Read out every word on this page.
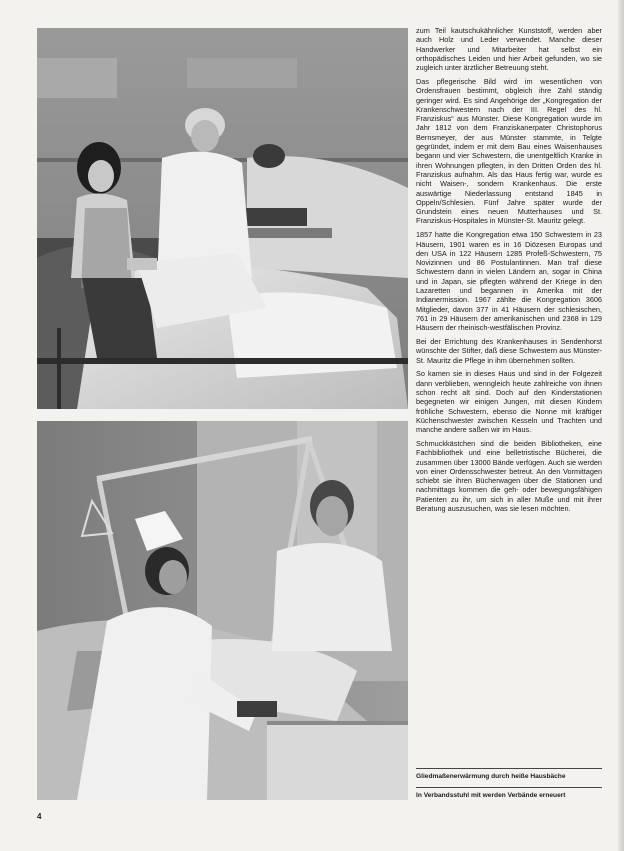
zum Teil kautschukähnlicher Kunststoff, werden aber auch Holz und Leder verwendet. Manche dieser Handwerker und Mitarbeiter hat selbst ein orthopädisches Leiden und hier Arbeit gefunden, wo sie zugleich unter ärztlicher Betreuung steht.

Das pflegerische Bild wird im wesentlichen von Ordensfrauen bestimmt, obgleich ihre Zahl ständig geringer wird. Es sind Angehörige der „Kongregation der Krankenschwestern nach der III. Regel des hl. Franziskus“ aus Münster. Diese Kongregation wurde im Jahr 1812 von dem Franziskanerpater Christophorus Bernsmeyer, der aus Münster stammte, in Telgte gegründet, indem er mit dem Bau eines Waisenhauses begann und vier Schwestern, die unentgeltlich Kranke in ihren Wohnungen pflegten, in den Dritten Orden des hl. Franziskus aufnahm. Als das Haus fertig war, wurde es nicht Waisen-, sondern Krankenhaus. Die erste auswärtige Niederlassung entstand 1845 in Oppeln/Schlesien. Fünf Jahre später wurde der Grundstein eines neuen Mutterhauses und St. Franziskus-Hospitales in Münster-St. Mauritz gelegt.

1857 hatte die Kongregation etwa 150 Schwestern in 23 Häusern, 1901 waren es in 16 Diözesen Europas und den USA in 122 Häusern 1285 Profeß-Schwestern, 75 Novizinnen und 86 Postulantinnen. Man traf diese Schwestern dann in vielen Ländern an, sogar in China und in Japan, sie pflegten während der Kriege in den Lazaretten und begannen in Amerika mit der Indianermission. 1967 zählte die Kongregation 3606 Mitglieder, davon 377 in 41 Häusern der schlesischen, 761 in 29 Häusern der amerikanischen und 2368 in 129 Häusern der rheinisch-westfälischen Provinz.

Bei der Errichtung des Krankenhauses in Sendenhorst wünschte der Stifter, daß diese Schwestern aus Münster-St. Mauritz die Pflege in ihm übernehmen sollten.

So kamen sie in dieses Haus und sind in der Folgezeit dann verblieben, wenngleich heute zahlreiche von ihnen schon recht alt sind. Doch auf den Kinderstationen begegneten wir einigen Jungen, mit diesen Kindern fröhliche Schwestern, ebenso die Nonne mit kräftiger Küchenschwester zwischen Kesseln und Trachten und manche andere saßen wir im Haus.

Schmuckkästchen sind die beiden Bibliotheken, eine Fachbibliothek und eine belletristische Bücherei, die zusammen über 13000 Bände verfügen. Auch sie werden von einer Ordensschwester betreut. An den Vormittagen schiebt sie ihren Bücherwagen über die Stationen und nachmittags kommen die geh- oder bewegungsfähigen Patienten zu ihr, um sich in aller Muße und mit ihrer Beratung auszusuchen, was sie lesen möchten.

Gliedmaßenerwärmung durch heiße Hausbäche
In Verbandsstuhl mit werden Verbände erneuert
4
